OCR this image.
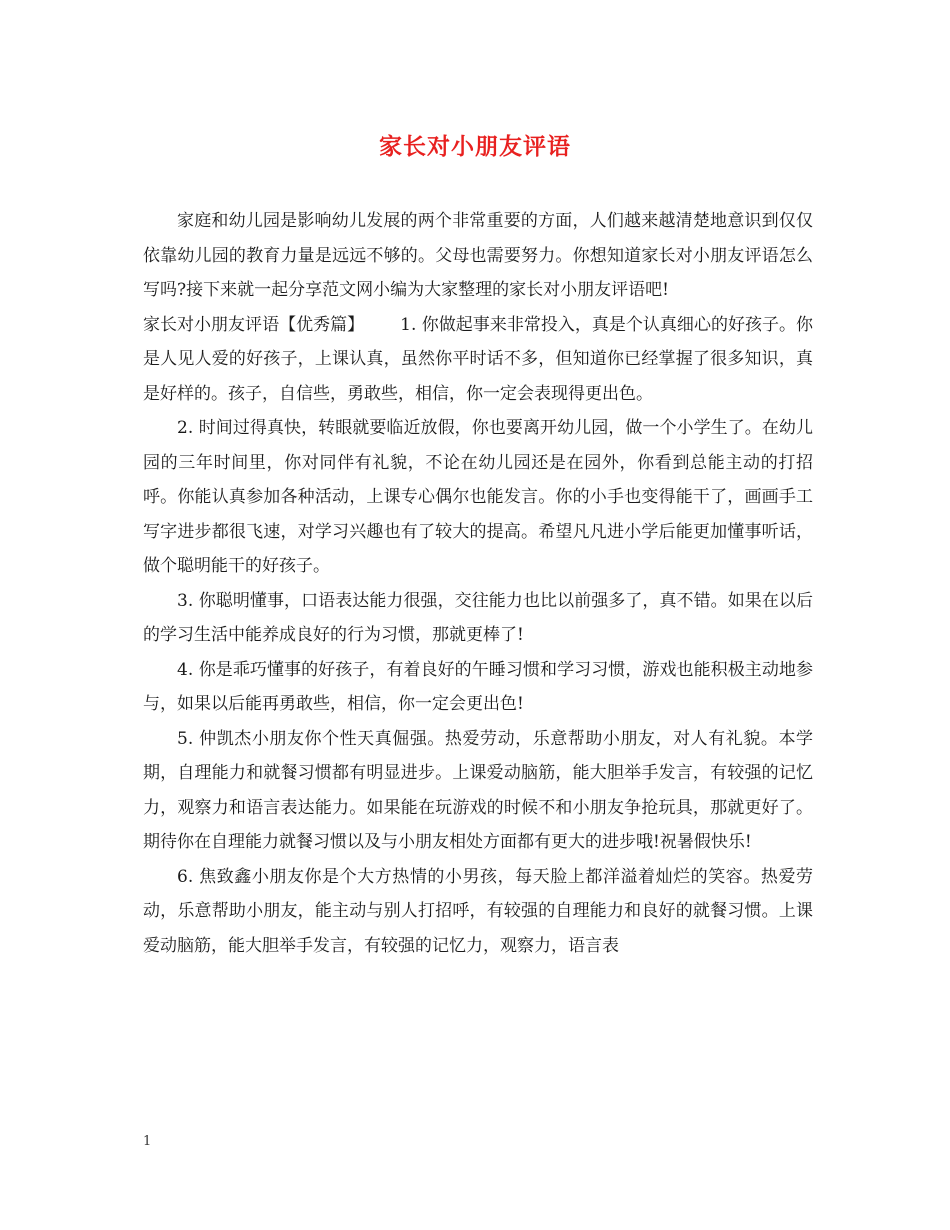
家长对小朋友评语

家庭和幼儿园是影响幼儿发展的两个非常重要的方面，人们越来越清楚地意识到仅仅依靠幼儿园的教育力量是远远不够的。父母也需要努力。你想知道家长对小朋友评语怎么写吗?接下来就一起分享范文网小编为大家整理的家长对小朋友评语吧!

家长对小朋友评语【优秀篇】 1. 你做起事来非常投入，真是个认真细心的好孩子。你是人见人爱的好孩子，上课认真，虽然你平时话不多，但知道你已经掌握了很多知识，真是好样的。孩子，自信些，勇敢些，相信，你一定会表现得更出色。

2. 时间过得真快，转眼就要临近放假，你也要离开幼儿园，做一个小学生了。在幼儿园的三年时间里，你对同伴有礼貌，不论在幼儿园还是在园外，你看到总能主动的打招呼。你能认真参加各种活动，上课专心偶尔也能发言。你的小手也变得能干了，画画手工写字进步都很飞速，对学习兴趣也有了较大的提高。希望凡凡进小学后能更加懂事听话，做个聪明能干的好孩子。

3. 你聪明懂事，口语表达能力很强，交往能力也比以前强多了，真不错。如果在以后的学习生活中能养成良好的行为习惯，那就更棒了!

4. 你是乖巧懂事的好孩子，有着良好的午睡习惯和学习习惯，游戏也能积极主动地参与，如果以后能再勇敢些，相信，你一定会更出色!

5. 仲凯杰小朋友你个性天真倔强。热爱劳动，乐意帮助小朋友，对人有礼貌。本学期，自理能力和就餐习惯都有明显进步。上课爱动脑筋，能大胆举手发言，有较强的记忆力，观察力和语言表达能力。如果能在玩游戏的时候不和小朋友争抢玩具，那就更好了。期待你在自理能力就餐习惯以及与小朋友相处方面都有更大的进步哦!祝暑假快乐!

6. 焦致鑫小朋友你是个大方热情的小男孩，每天脸上都洋溢着灿烂的笑容。热爱劳动，乐意帮助小朋友，能主动与别人打招呼，有较强的自理能力和良好的就餐习惯。上课爱动脑筋，能大胆举手发言，有较强的记忆力，观察力，语言表

1
